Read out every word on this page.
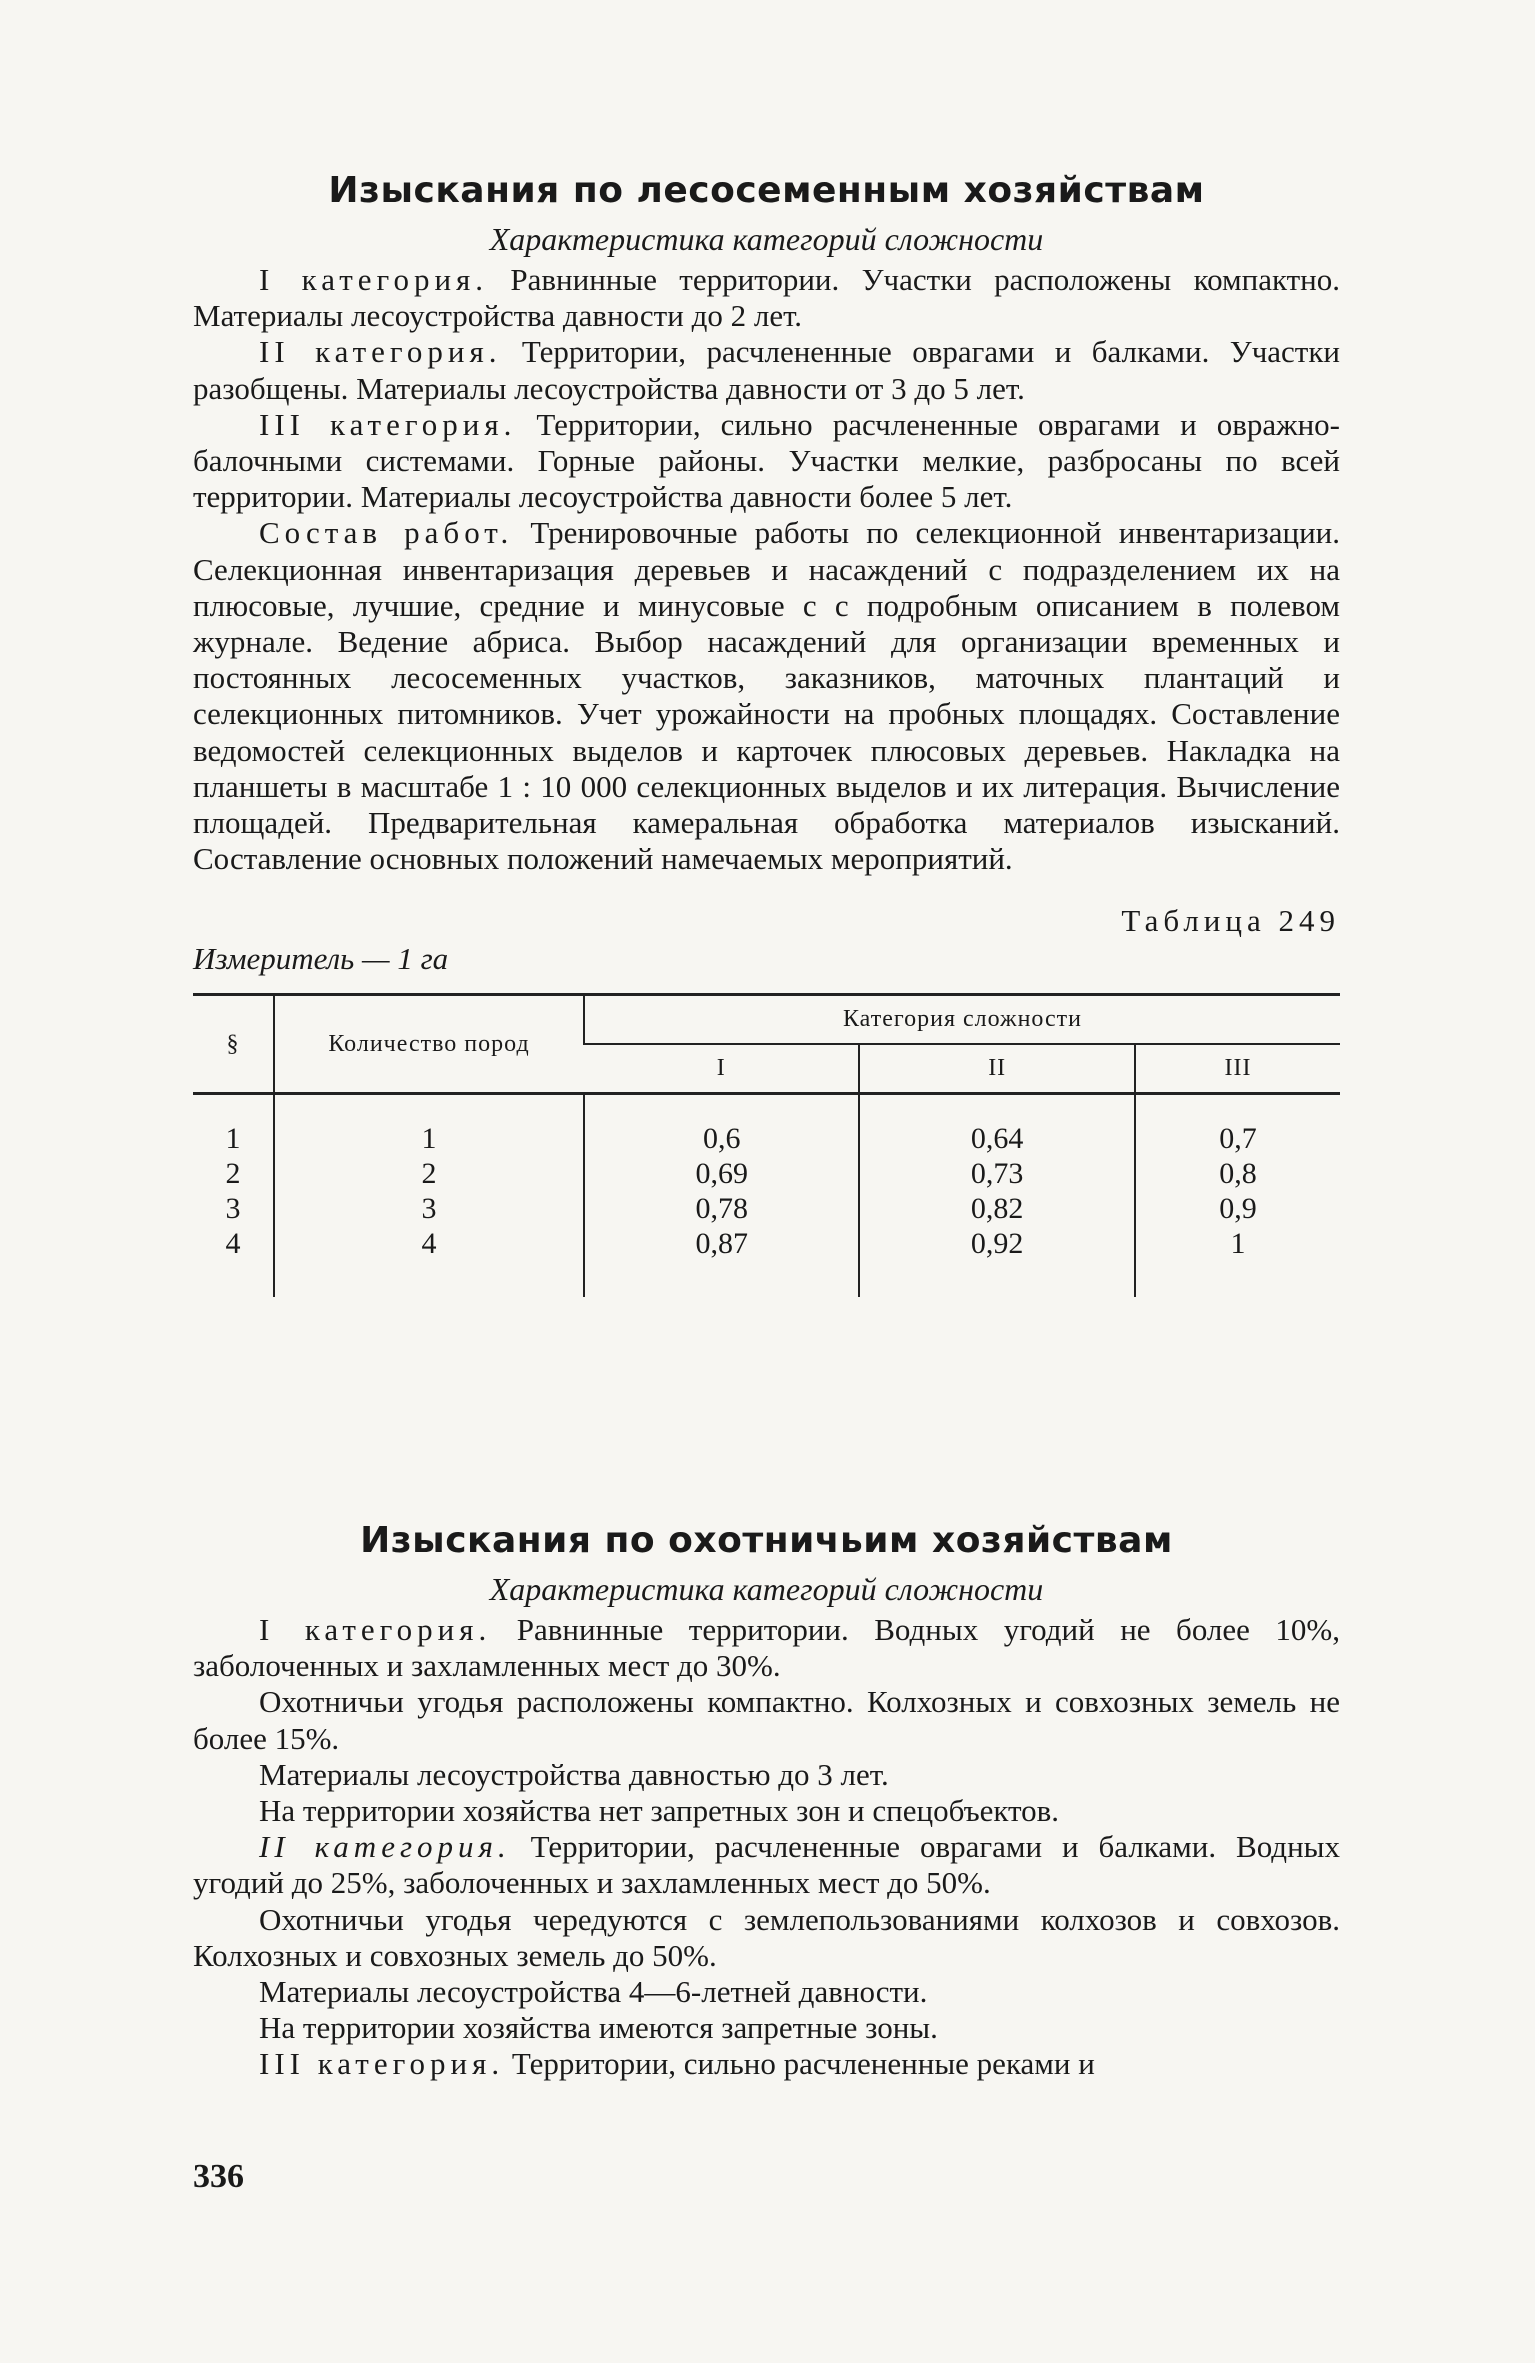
Изыскания по лесосеменным хозяйствам
Характеристика категорий сложности

I категория. Равнинные территории. Участки расположены компактно. Материалы лесоустройства давности до 2 лет.

II категория. Территории, расчлененные оврагами и балками. Участки разобщены. Материалы лесоустройства давности от 3 до 5 лет.

III категория. Территории, сильно расчлененные оврагами и овражно-балочными системами. Горные районы. Участки мелкие, разбросаны по всей территории. Материалы лесоустройства давности более 5 лет.

Состав работ. Тренировочные работы по селекционной инвентаризации. Селекционная инвентаризация деревьев и насаждений с подразделением их на плюсовые, лучшие, средние и минусовые с с подробным описанием в полевом журнале. Ведение абриса. Выбор насаждений для организации временных и постоянных лесосеменных участков, заказников, маточных плантаций и селекционных питомников. Учет урожайности на пробных площадях. Составление ведомостей селекционных выделов и карточек плюсовых деревьев. Накладка на планшеты в масштабе 1 : 10 000 селекционных выделов и их литерация. Вычисление площадей. Предварительная камеральная обработка материалов изысканий. Составление основных положений намечаемых мероприятий.

Измеритель — 1 га
Таблица 249
§	Количество пород	Категория сложности		
		I	II	III
1	1	0,6	0,64	0,7
2	2	0,69	0,73	0,8
3	3	0,78	0,82	0,9
4	4	0,87	0,92	1
Изыскания по охотничьим хозяйствам
Характеристика категорий сложности

I категория. Равнинные территории. Водных угодий не более 10%, заболоченных и захламленных мест до 30%.

Охотничьи угодья расположены компактно. Колхозных и совхозных земель не более 15%.

Материалы лесоустройства давностью до 3 лет.

На территории хозяйства нет запретных зон и спецобъектов.

II категория. Территории, расчлененные оврагами и балками. Водных угодий до 25%, заболоченных и захламленных мест до 50%.

Охотничьи угодья чередуются с землепользованиями колхозов и совхозов. Колхозных и совхозных земель до 50%.

Материалы лесоустройства 4—6-летней давности.

На территории хозяйства имеются запретные зоны.

III категория. Территории, сильно расчлененные реками и

336
